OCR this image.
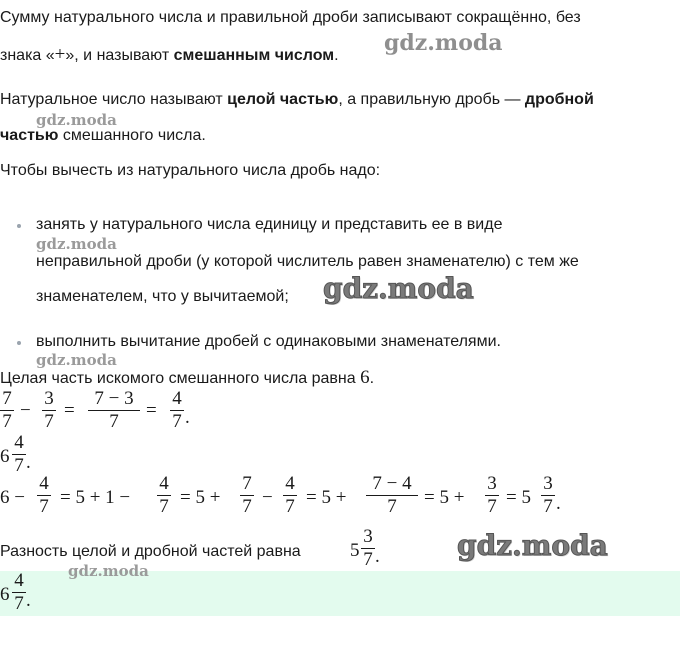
Сумму натурального числа и правильной дроби записывают сокращённо, без
знака «+», и называют смешанным числом. gdz.moda
Натуральное число называют целой частью, а правильную дробь — дробной
gdz.moda
частью смешанного числа.
Чтобы вычесть из натурального числа дробь надо:
занять у натурального числа единицу и представить ее в виде
gdz.moda
неправильной дроби (у которой числитель равен знаменателю) с тем же
знаменателем, что у вычитаемой; gdz.moda
выполнить вычитание дробей с одинаковыми знаменателями.
gdz.moda
Целая часть искомого смешанного числа равна 6.
7
7
−
3
7
=
7 − 3
7
=
4
7 .
6
4
7 .
6 −
4
7 = 5 + 1 −
4
7 = 5 +
7
7 −
4
7 = 5 +
7 − 4
7	= 5 +
3
7 = 5
3
7 .
Разность целой и дробной частей равна	5
3
7 .	gdz.moda
gdz.moda
6
4
7 .
